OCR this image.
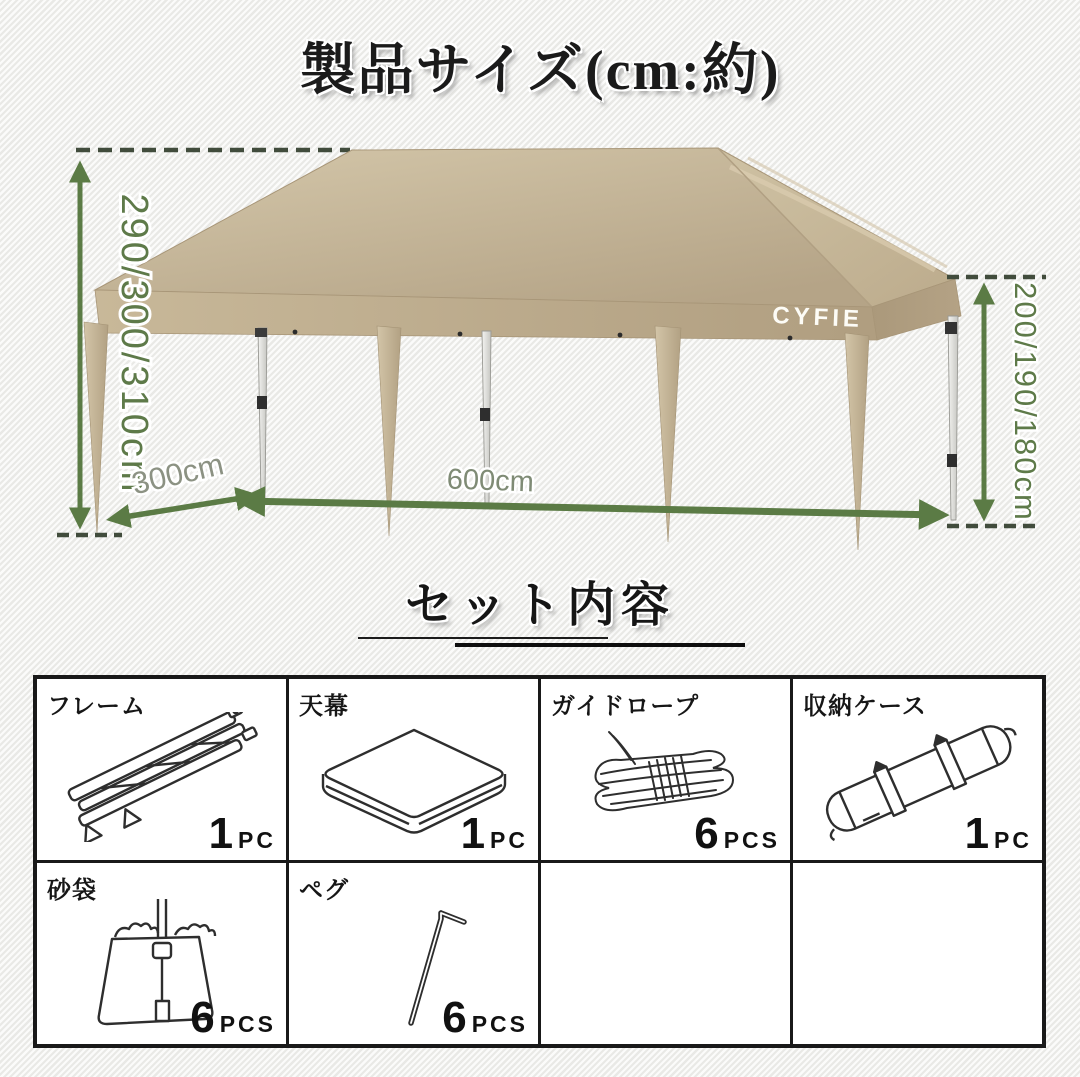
製品サイズ(cm:約)
CYFIE
290/300/310cm	200/190/180cm
600cm
300cm
セット内容
フレーム
1 PC
天幕
1 PC
ガイドロープ
6 PCS
収納ケース
1 PC
砂袋
6 PCS
ペグ
6 PCS
